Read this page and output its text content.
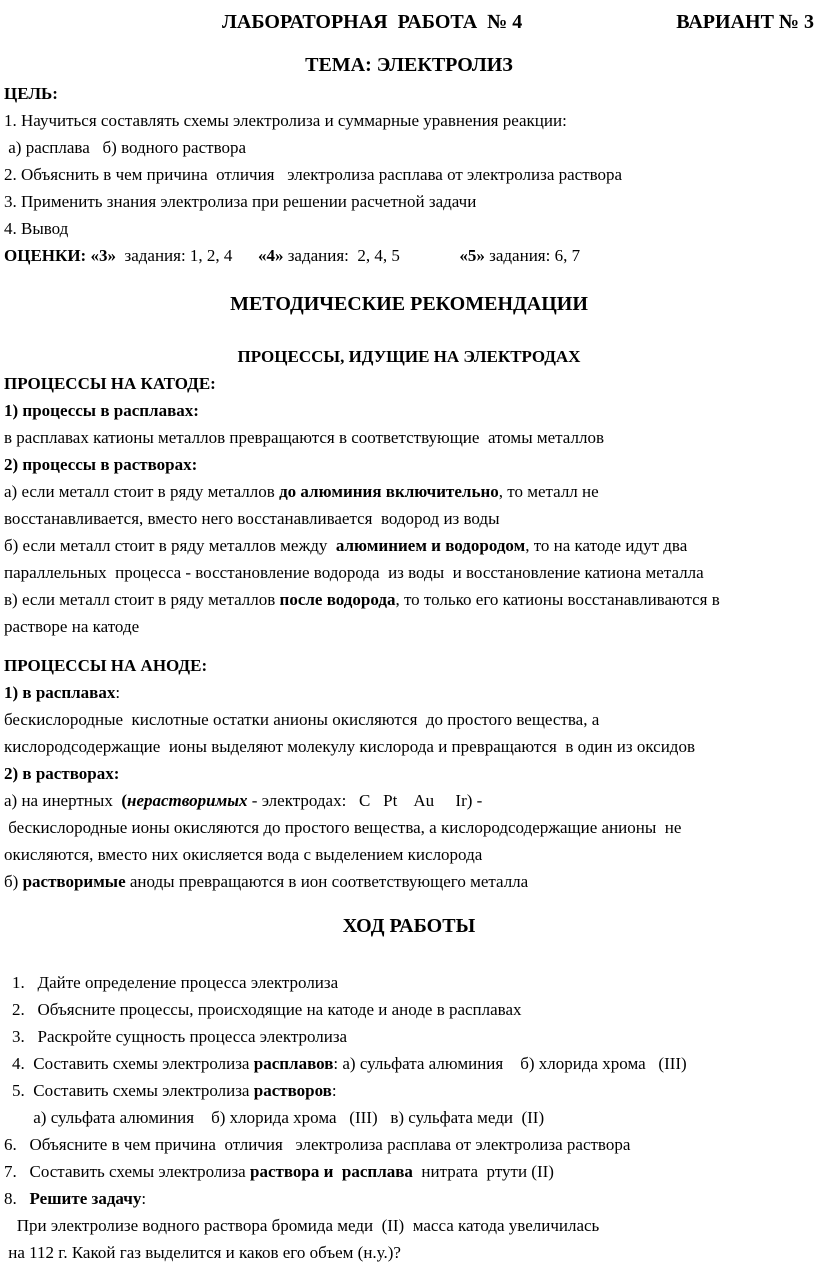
ЛАБОРАТОРНАЯ  РАБОТА  № 4	ВАРИАНТ № 3

ТЕМА: ЭЛЕКТРОЛИЗ

ЦЕЛЬ:

1. Научиться составлять схемы электролиза и суммарные уравнения реакции:

а) расплава   б) водного раствора

2. Объяснить в чем причина  отличия   электролиза расплава от электролиза раствора

3. Применить знания электролиза при решении расчетной задачи

4. Вывод

ОЦЕНКИ: «3»  задания: 1, 2, 4      «4» задания:  2, 4, 5              «5» задания: 6, 7

МЕТОДИЧЕСКИЕ РЕКОМЕНДАЦИИ

ПРОЦЕССЫ, ИДУЩИЕ НА ЭЛЕКТРОДАХ

ПРОЦЕССЫ НА КАТОДЕ:

1) процессы в расплавах:

в расплавах катионы металлов превращаются в соответствующие  атомы металлов

2) процессы в растворах:

а) если металл стоит в ряду металлов до алюминия включительно, то металл не

восстанавливается, вместо него восстанавливается  водород из воды

б) если металл стоит в ряду металлов между  алюминием и водородом, то на катоде идут два

параллельных  процесса - восстановление водорода  из воды  и восстановление катиона металла

в) если металл стоит в ряду металлов после водорода, то только его катионы восстанавливаются в

растворе на катоде

ПРОЦЕССЫ НА АНОДЕ:

1) в расплавах:

бескислородные  кислотные остатки анионы окисляются  до простого вещества, а

кислородсодержащие  ионы выделяют молекулу кислорода и превращаются  в один из оксидов

2) в растворах:

а) на инертных  (нерастворимых - электродах:   С   Pt    Au     Ir) -

бескислородные ионы окисляются до простого вещества, а кислородсодержащие анионы  не

окисляются, вместо них окисляется вода с выделением кислорода

б) растворимые аноды превращаются в ион соответствующего металла

ХОД РАБОТЫ

1.   Дайте определение процесса электролиза

2.   Объясните процессы, происходящие на катоде и аноде в расплавах

3.   Раскройте сущность процесса электролиза

4.  Составить схемы электролиза расплавов: а) сульфата алюминия    б) хлорида хрома   (III)

5.  Составить схемы электролиза растворов:

а) сульфата алюминия    б) хлорида хрома   (III)   в) сульфата меди  (II)

6.   Объясните в чем причина  отличия   электролиза расплава от электролиза раствора

7.   Составить схемы электролиза раствора и  расплава  нитрата  ртути (II)

8.   Решите задачу:

При электролизе водного раствора бромида меди  (II)  масса катода увеличилась

на 112 г. Какой газ выделится и каков его объем (н.у.)?
